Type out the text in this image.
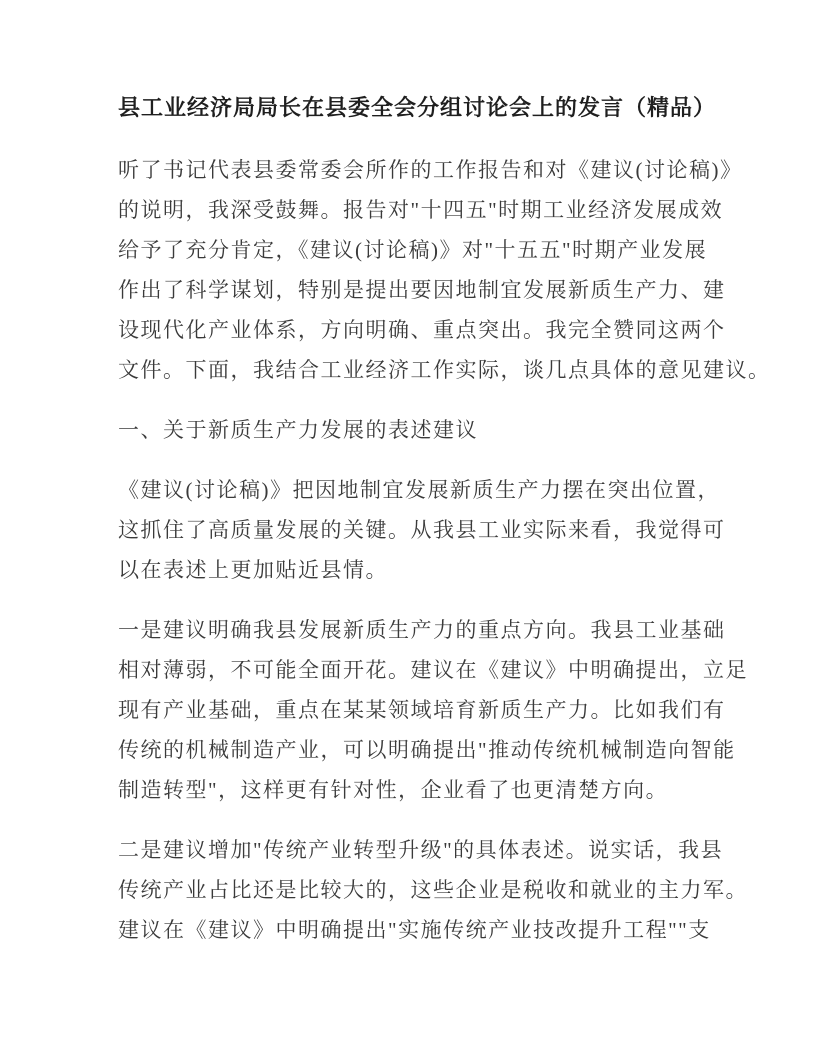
县工业经济局局长在县委全会分组讨论会上的发言（精品）
听了书记代表县委常委会所作的工作报告和对《建议(讨论稿)》
的说明，我深受鼓舞。报告对"十四五"时期工业经济发展成效
给予了充分肯定，《建议(讨论稿)》对"十五五"时期产业发展
作出了科学谋划，特别是提出要因地制宜发展新质生产力、建
设现代化产业体系，方向明确、重点突出。我完全赞同这两个
文件。下面，我结合工业经济工作实际，谈几点具体的意见建议。
一、关于新质生产力发展的表述建议
《建议(讨论稿)》把因地制宜发展新质生产力摆在突出位置，
这抓住了高质量发展的关键。从我县工业实际来看，我觉得可
以在表述上更加贴近县情。
一是建议明确我县发展新质生产力的重点方向。我县工业基础
相对薄弱，不可能全面开花。建议在《建议》中明确提出，立足
现有产业基础，重点在某某领域培育新质生产力。比如我们有
传统的机械制造产业，可以明确提出"推动传统机械制造向智能
制造转型"，这样更有针对性，企业看了也更清楚方向。
二是建议增加"传统产业转型升级"的具体表述。说实话，我县
传统产业占比还是比较大的，这些企业是税收和就业的主力军。
建议在《建议》中明确提出"实施传统产业技改提升工程""支
